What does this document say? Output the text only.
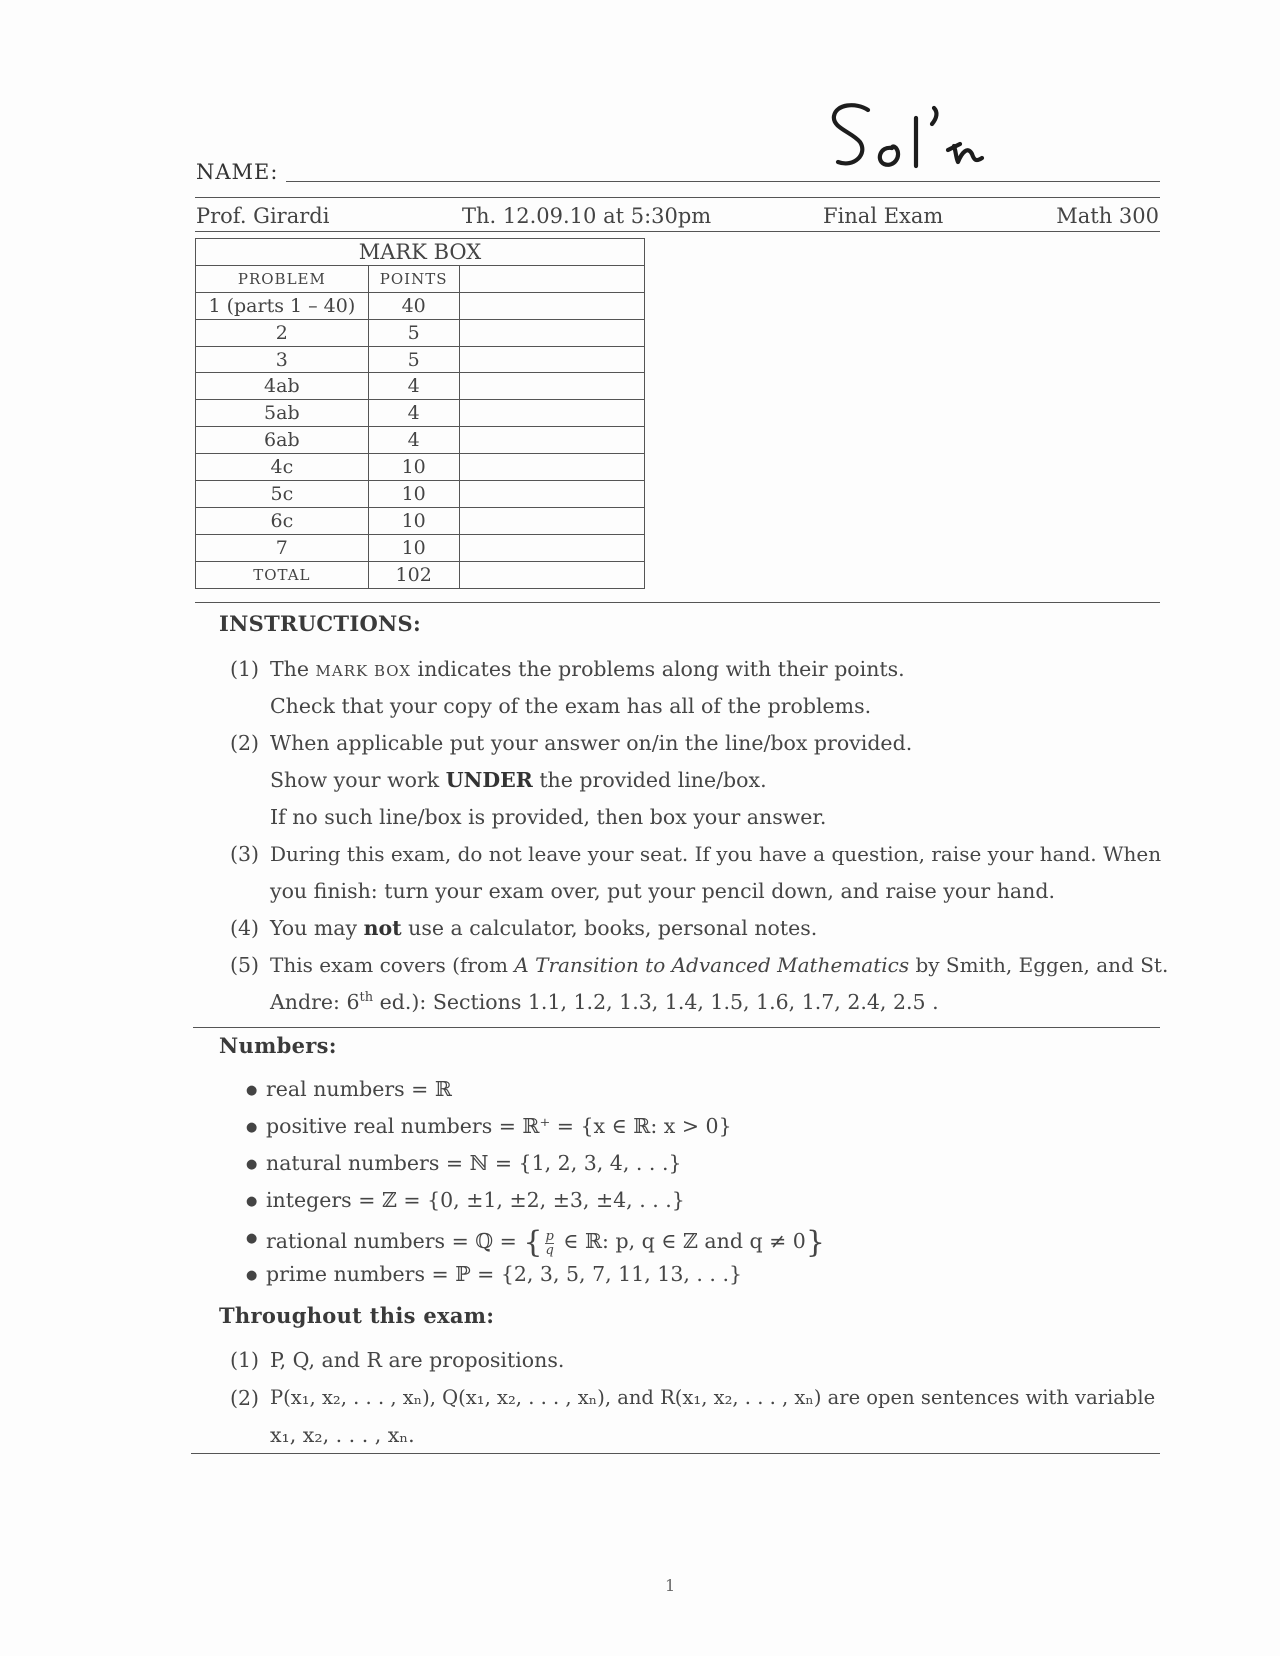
NAME:
Prof. Girardi	Th. 12.09.10 at 5:30pm	Final Exam	Math 300
MARK BOX		
PROBLEM	POINTS	
1 (parts 1 – 40)	40	
2	5	
3	5	
4ab	4	
5ab	4	
6ab	4	
4c	10	
5c	10	
6c	10	
7	10	
TOTAL	102	
INSTRUCTIONS:
(1) The MARK BOX indicates the problems along with their points.
Check that your copy of the exam has all of the problems.
(2) When applicable put your answer on/in the line/box provided.
Show your work UNDER the provided line/box.
If no such line/box is provided, then box your answer.
(3) During this exam, do not leave your seat. If you have a question, raise your hand. When
you finish: turn your exam over, put your pencil down, and raise your hand.
(4) You may not use a calculator, books, personal notes.
(5) This exam covers (from A Transition to Advanced Mathematics by Smith, Eggen, and St.
Andre: 6th ed.): Sections 1.1, 1.2, 1.3, 1.4, 1.5, 1.6, 1.7, 2.4, 2.5 .
Numbers:
● real numbers = ℝ
● positive real numbers = ℝ⁺ = {x ∈ ℝ: x > 0}
● natural numbers = ℕ = {1, 2, 3, 4, . . .}
● integers = ℤ = {0, ±1, ±2, ±3, ±4, . . .}
● rational numbers = ℚ = { $\frac{p}{q}$ ∈ ℝ: p, q ∈ ℤ and q ≠ 0}
● prime numbers = ℙ = {2, 3, 5, 7, 11, 13, . . .}
Throughout this exam:
(1) P, Q, and R are propositions.
(2) P(x₁, x₂, . . . , xₙ), Q(x₁, x₂, . . . , xₙ), and R(x₁, x₂, . . . , xₙ) are open sentences with variable
x₁, x₂, . . . , xₙ.
1
